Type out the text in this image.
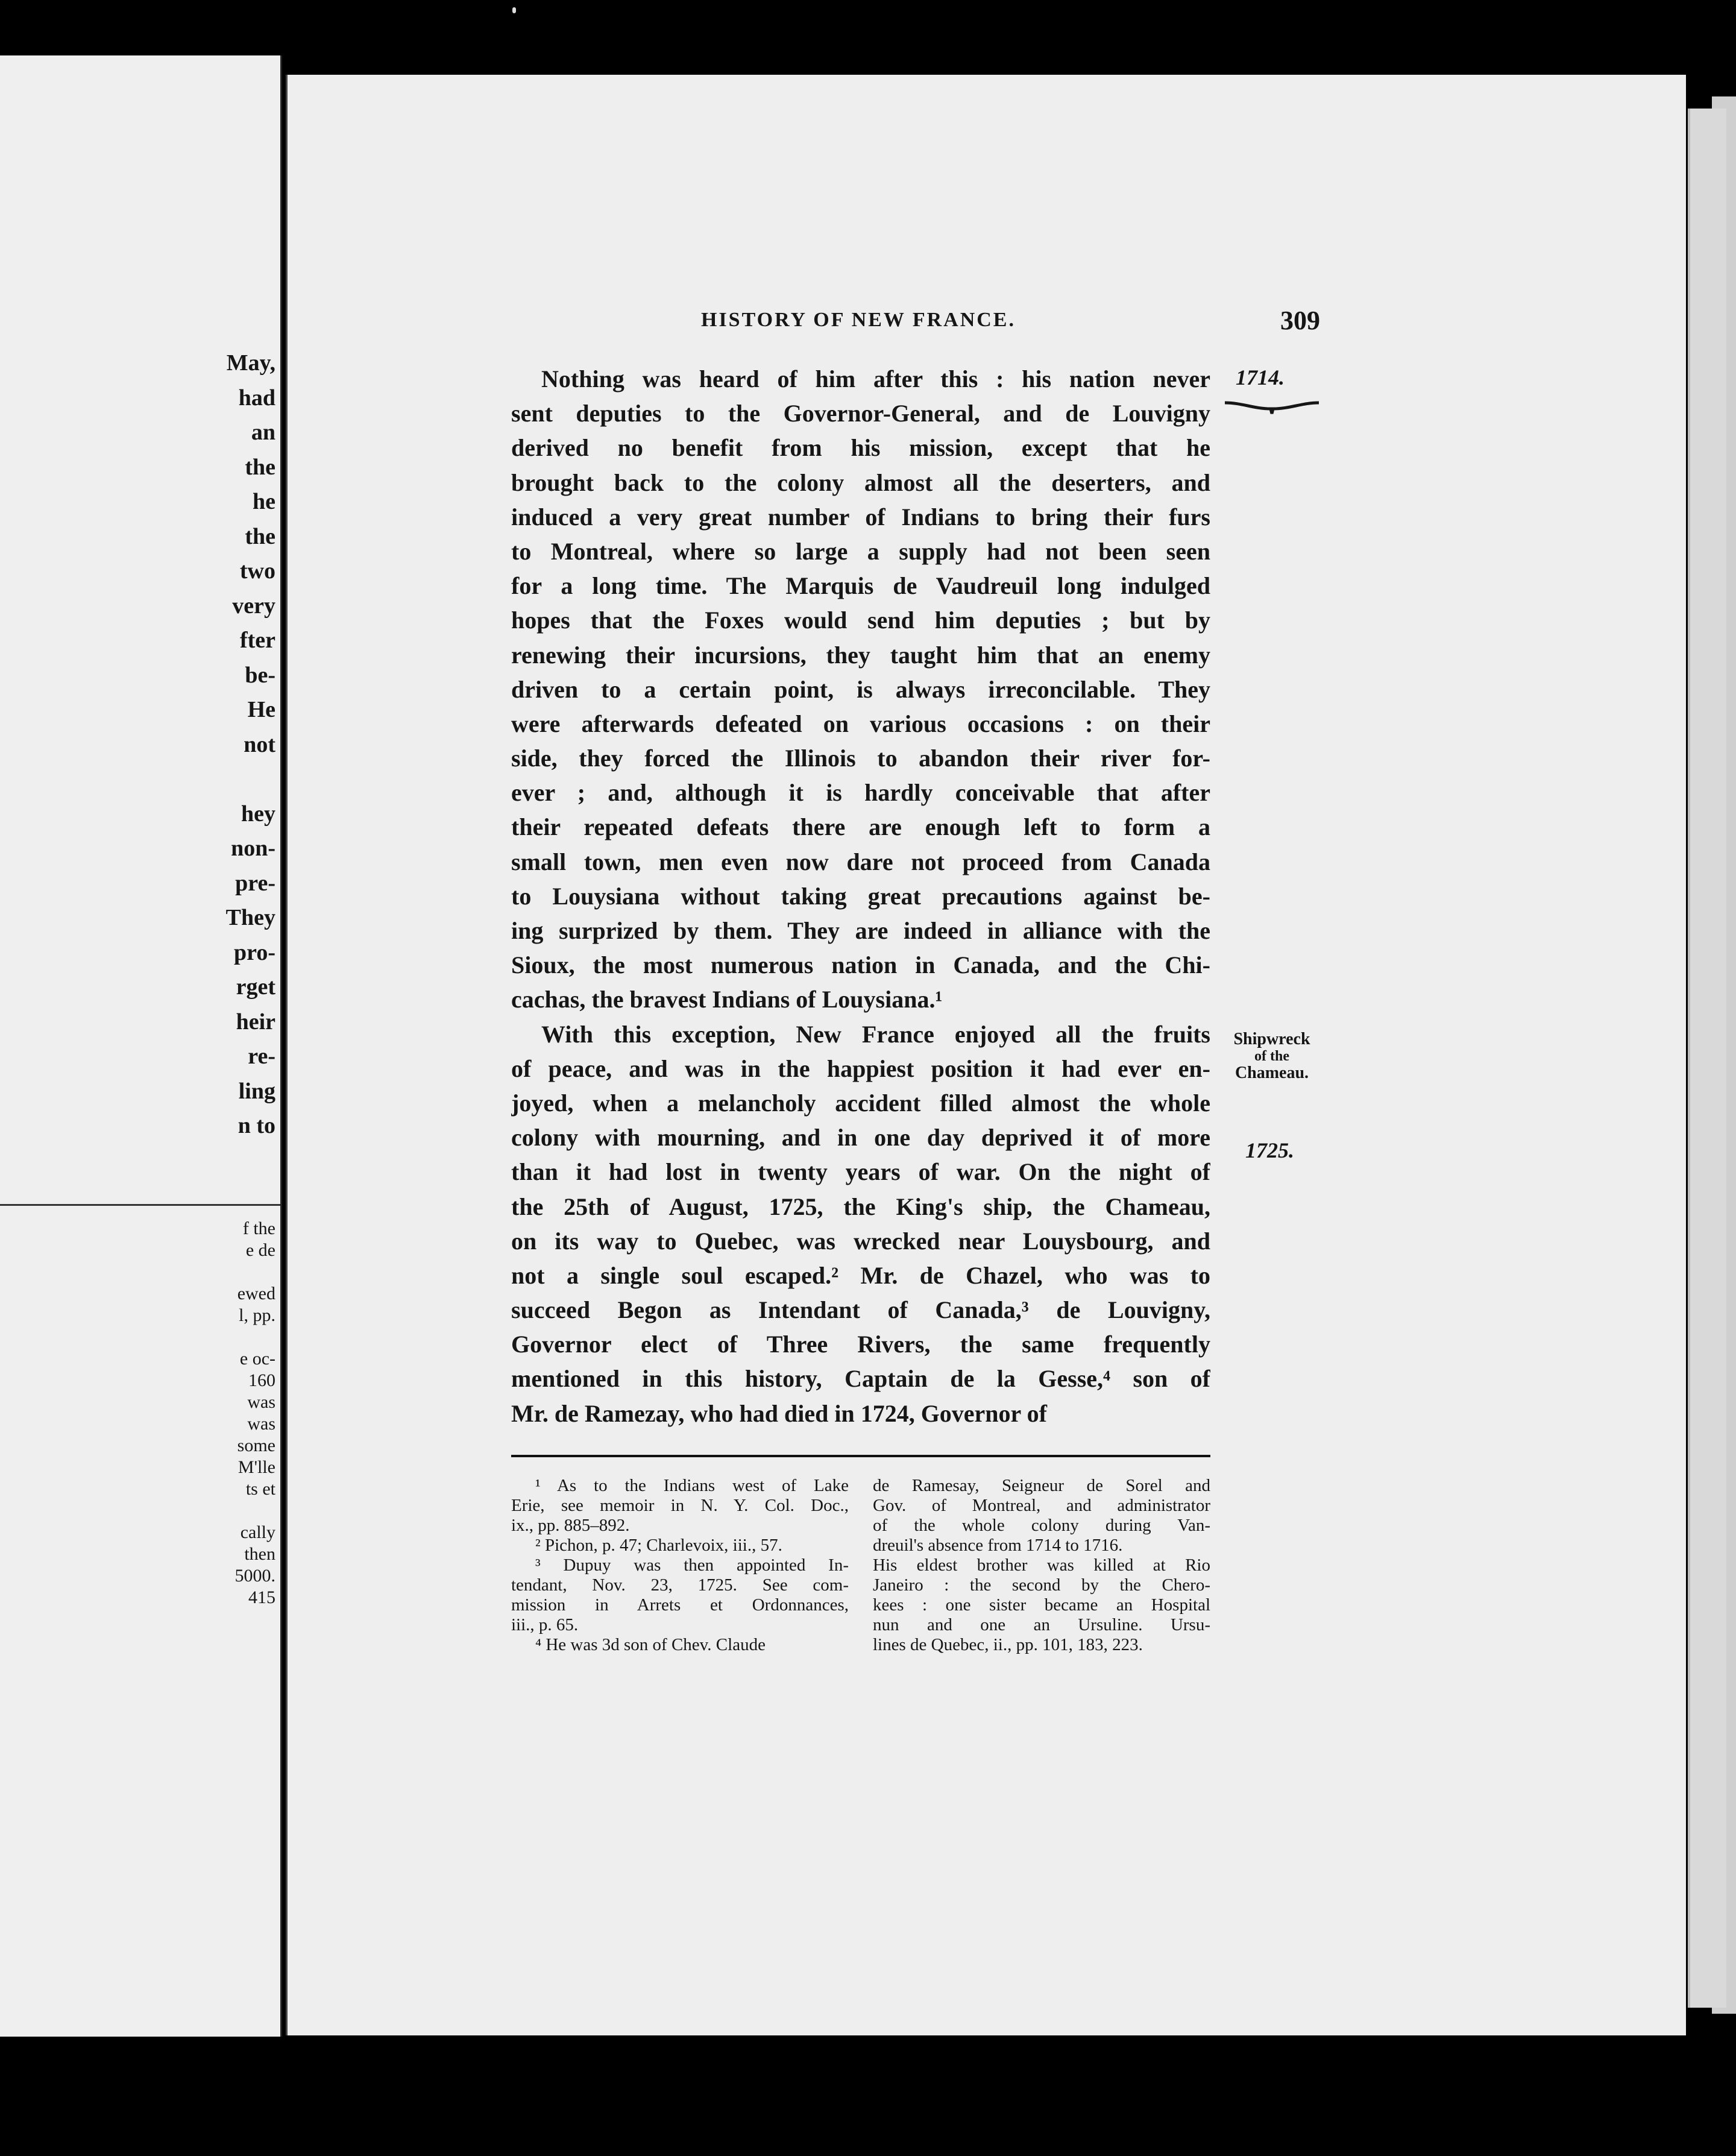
May,
had
an
the
he
the
two
very
fter
be-
He
not
hey
non-
pre-
They
pro-
rget
heir
re-
ling
n to
f the
e de
ewed
l, pp.
e oc-
160
was
was
some
M'lle
ts et
cally
then
5000.
415
HISTORY OF NEW FRANCE.	309
1714.
Shipwreck
of the
Chameau.
1725.
Nothing was heard of him after this : his nation never
sent deputies to the Governor-General, and de Louvigny
derived no benefit from his mission, except that he
brought back to the colony almost all the deserters, and
induced a very great number of Indians to bring their furs
to Montreal, where so large a supply had not been seen
for a long time. The Marquis de Vaudreuil long indulged
hopes that the Foxes would send him deputies ; but by
renewing their incursions, they taught him that an enemy
driven to a certain point, is always irreconcilable. They
were afterwards defeated on various occasions : on their
side, they forced the Illinois to abandon their river for-
ever ; and, although it is hardly conceivable that after
their repeated defeats there are enough left to form a
small town, men even now dare not proceed from Canada
to Louysiana without taking great precautions against be-
ing surprized by them. They are indeed in alliance with the
Sioux, the most numerous nation in Canada, and the Chi-
cachas, the bravest Indians of Louysiana.¹
With this exception, New France enjoyed all the fruits
of peace, and was in the happiest position it had ever en-
joyed, when a melancholy accident filled almost the whole
colony with mourning, and in one day deprived it of more
than it had lost in twenty years of war. On the night of
the 25th of August, 1725, the King's ship, the Chameau,
on its way to Quebec, was wrecked near Louysbourg, and
not a single soul escaped.² Mr. de Chazel, who was to
succeed Begon as Intendant of Canada,³ de Louvigny,
Governor elect of Three Rivers, the same frequently
mentioned in this history, Captain de la Gesse,⁴ son of
Mr. de Ramezay, who had died in 1724, Governor of
¹ As to the Indians west of Lake
Erie, see memoir in N. Y. Col. Doc.,
ix., pp. 885–892.
² Pichon, p. 47; Charlevoix, iii., 57.
³ Dupuy was then appointed In-
tendant, Nov. 23, 1725. See com-
mission in Arrets et Ordonnances,
iii., p. 65.
⁴ He was 3d son of Chev. Claude
de Ramesay, Seigneur de Sorel and
Gov. of Montreal, and administrator
of the whole colony during Van-
dreuil's absence from 1714 to 1716.
His eldest brother was killed at Rio
Janeiro : the second by the Chero-
kees : one sister became an Hospital
nun and one an Ursuline. Ursu-
lines de Quebec, ii., pp. 101, 183, 223.
